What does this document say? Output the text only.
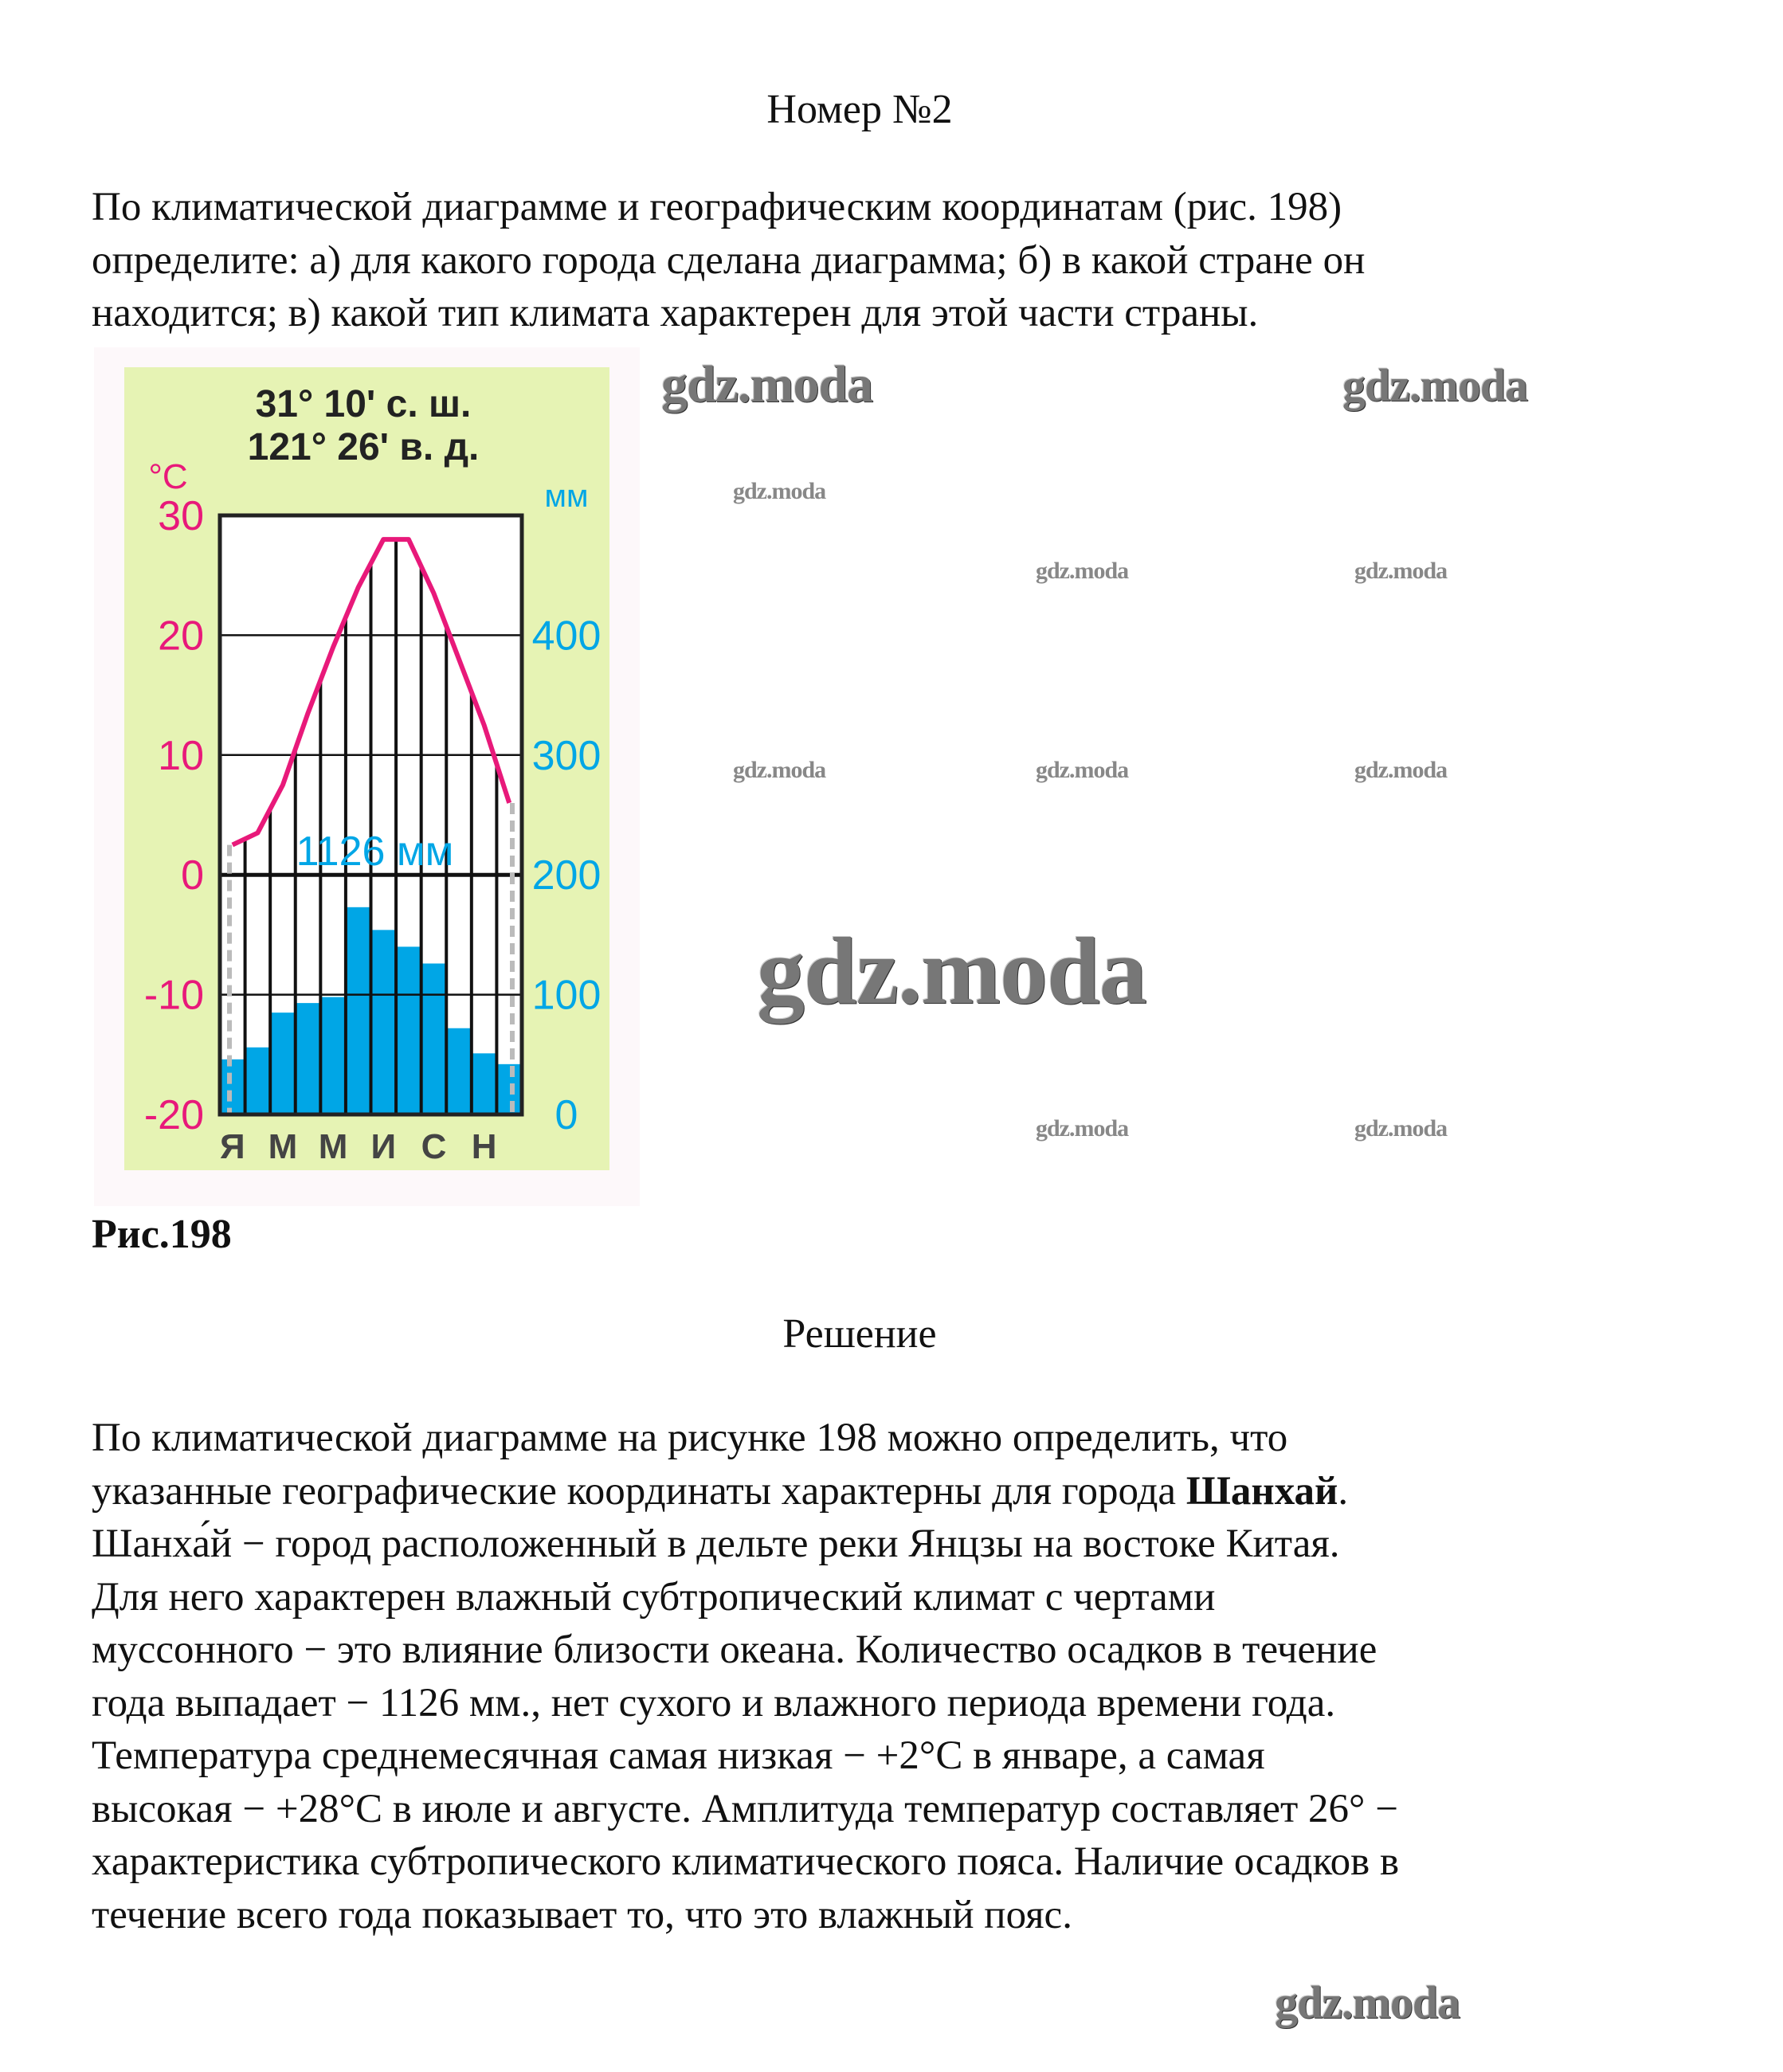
Номер №2
По климатической диаграмме и географическим координатам (рис. 198)
определите: а) для какого города сделана диаграмма; б) в какой стране он
находится; в) какой тип климата характерен для этой части страны.
31° 10' с. ш.
121° 26' в. д.
°C	мм
30
20
10
0
-10
-20
400
300
200
100
0
Я М М И С Н
1126 мм
Рис.198
Решение
По климатической диаграмме на рисунке 198 можно определить, что
указанные географические координаты характерны для города Шанхай.
Шанха́й − город расположенный в дельте реки Янцзы на востоке Китая.
Для него характерен влажный субтропический климат с чертами
муссонного − это влияние близости океана. Количество осадков в течение
года выпадает − 1126 мм., нет сухого и влажного периода времени года.
Температура среднемесячная самая низкая − +2°C в январе, а самая
высокая − +28°C в июле и августе. Амплитуда температур составляет 26° −
характеристика субтропического климатического пояса. Наличие осадков в
течение всего года показывает то, что это влажный пояс.
gdz.moda
gdz.moda	gdz.moda
gdz.moda
gdz.moda	gdz.moda
gdz.moda	gdz.moda	gdz.moda
gdz.moda	gdz.moda
gdz.moda
